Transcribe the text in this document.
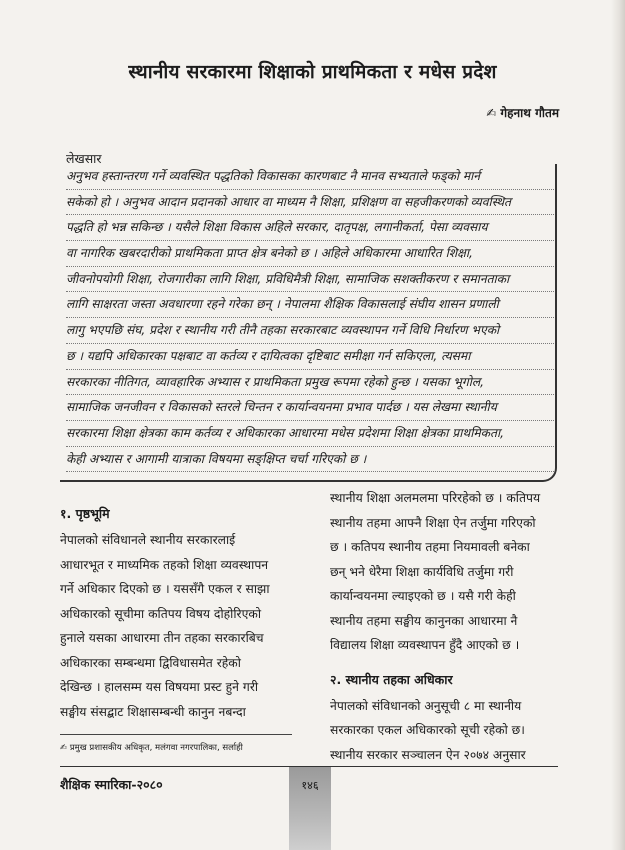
स्थानीय सरकारमा शिक्षाको प्राथमिकता र मधेस प्रदेश
✍ गेहनाथ गौतम
लेखसार
अनुभव हस्तान्तरण गर्ने व्यवस्थित पद्धतिको विकासका कारणबाट नै मानव सभ्यताले फड्को मार्न
सकेको हो । अनुभव आदान प्रदानको आधार वा माध्यम नै शिक्षा, प्रशिक्षण वा सहजीकरणको व्यवस्थित
पद्धति हो भन्न सकिन्छ । यसैले शिक्षा विकास अहिले सरकार, दातृपक्ष, लगानीकर्ता, पेसा व्यवसाय
वा नागरिक खबरदारीको प्राथमिकता प्राप्त क्षेत्र बनेको छ । अहिले अधिकारमा आधारित शिक्षा,
जीवनोपयोगी शिक्षा, रोजगारीका लागि शिक्षा, प्रविधिमैत्री शिक्षा, सामाजिक सशक्तीकरण र समानताका
लागि साक्षरता जस्ता अवधारणा रहने गरेका छन् । नेपालमा शैक्षिक विकासलाई संघीय शासन प्रणाली
लागु भएपछि संघ, प्रदेश र स्थानीय गरी तीनै तहका सरकारबाट व्यवस्थापन गर्ने विधि निर्धारण भएको
छ । यद्यपि अधिकारका पक्षबाट वा कर्तव्य र दायित्वका दृष्टिबाट समीक्षा गर्न सकिएला, त्यसमा
सरकारका नीतिगत, व्यावहारिक अभ्यास र प्राथमिकता प्रमुख रूपमा रहेको हुन्छ । यसका भूगोल,
सामाजिक जनजीवन र विकासको स्तरले चिन्तन र कार्यान्वयनमा प्रभाव पार्दछ । यस लेखमा स्थानीय
सरकारमा शिक्षा क्षेत्रका काम कर्तव्य र अधिकारका आधारमा मधेस प्रदेशमा शिक्षा क्षेत्रका प्राथमिकता,
केही अभ्यास र आगामी यात्राका विषयमा सङ्क्षिप्त चर्चा गरिएको छ ।
१. पृष्ठभूमि
नेपालको संविधानले स्थानीय सरकारलाई
आधारभूत र माध्यमिक तहको शिक्षा व्यवस्थापन
गर्ने अधिकार दिएको छ । यससँगै एकल र साझा
अधिकारको सूचीमा कतिपय विषय दोहोरिएको
हुनाले यसका आधारमा तीन तहका सरकारबिच
अधिकारका सम्बन्धमा द्विविधासमेत रहेको
देखिन्छ । हालसम्म यस विषयमा प्रस्ट हुने गरी
सङ्घीय संसद्बाट शिक्षासम्बन्धी कानुन नबन्दा
स्थानीय शिक्षा अलमलमा परिरहेको छ । कतिपय
स्थानीय तहमा आफ्नै शिक्षा ऐन तर्जुमा गरिएको
छ । कतिपय स्थानीय तहमा नियमावली बनेका
छन् भने धेरैमा शिक्षा कार्यविधि तर्जुमा गरी
कार्यान्वयनमा ल्याइएको छ । यसै गरी केही
स्थानीय तहमा सङ्घीय कानुनका आधारमा नै
विद्यालय शिक्षा व्यवस्थापन हुँदै आएको छ ।
२. स्थानीय तहका अधिकार
नेपालको संविधानको अनुसूची ८ मा स्थानीय
सरकारका एकल अधिकारको सूची रहेको छ।
स्थानीय सरकार सञ्चालन ऐन २०७४ अनुसार
✍ प्रमुख प्रशासकीय अधिकृत, मलंगवा नगरपालिका, सर्लाही
शैक्षिक स्मारिका-२०८०	१४६
